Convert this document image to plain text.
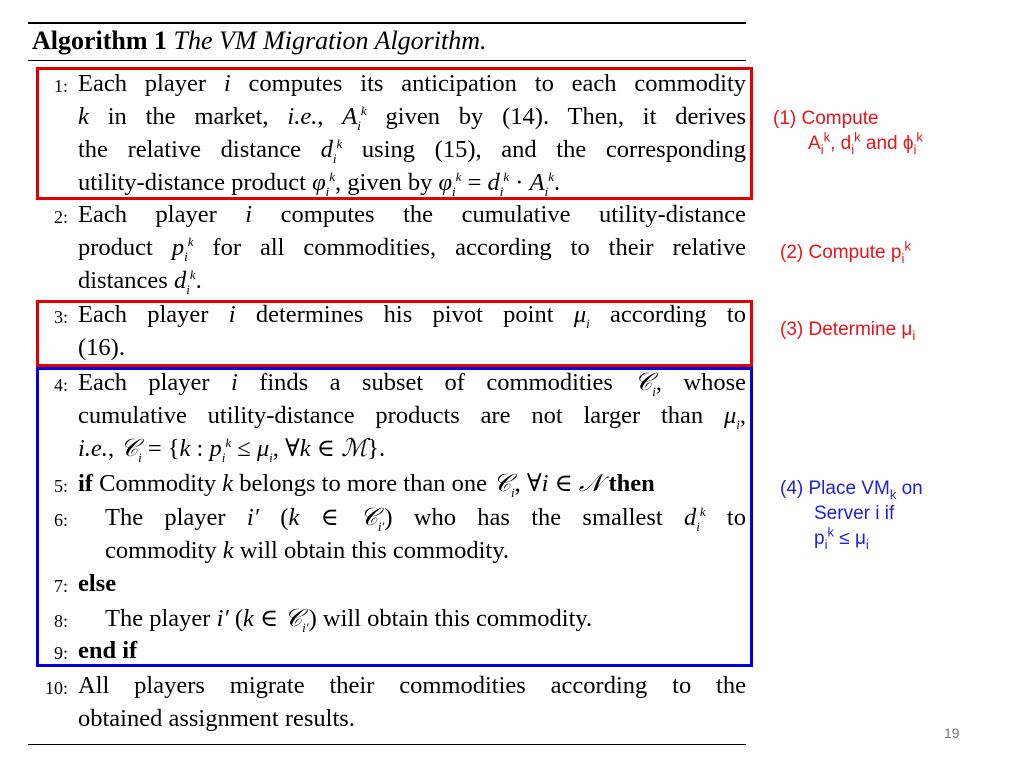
Algorithm 1 The VM Migration Algorithm.
1: Each player i computes its anticipation to each commodity
k in the market, i.e., $A_i^k$ given by (14). Then, it derives
the relative distance $d_i^k$ using (15), and the corresponding
utility-distance product $\varphi_i^k$, given by $\varphi_i^k = d_i^k \cdot A_i^k$.
2: Each player i computes the cumulative utility-distance
product $p_i^k$ for all commodities, according to their relative
distances $d_i^k$.
3: Each player i determines his pivot point $\mu_i$ according to
(16).
4: Each player i finds a subset of commodities 𝒞$_i$, whose
cumulative utility-distance products are not larger than $\mu_i$,
i.e., 𝒞$_i$ = {k : $p_i^k \le \mu_i$, ∀k ∈ ℳ}.
5: if Commodity k belongs to more than one 𝒞$_i$, ∀i ∈ 𝒩 then
6: The player i′ (k ∈ 𝒞$_{i'}$) who has the smallest $d_i^k$ to
commodity k will obtain this commodity.
7: else
8: The player i′ (k ∈ 𝒞$_{i'}$) will obtain this commodity.
9: end if
10: All players migrate their commodities according to the
obtained assignment results.
(1) Compute
$A_i^k$, $d_i^k$ and $\phi_i^k$
(2) Compute $p_i^k$
(3) Determine $\mu_i$
(4) Place $VM_k$ on
Server i if
$p_i^k \le \mu_i$
19
